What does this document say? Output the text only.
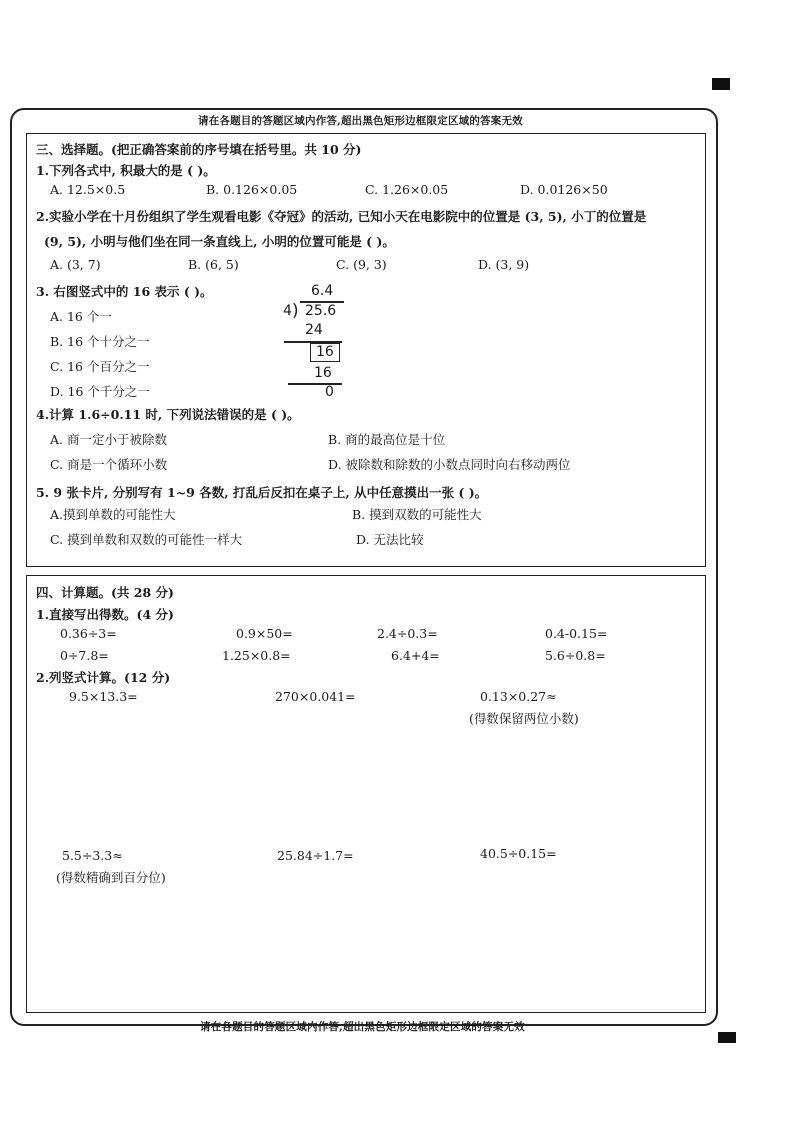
请在各题目的答题区域内作答,超出黑色矩形边框限定区域的答案无效
请在各题目的答题区域内作答,超出黑色矩形边框限定区域的答案无效
三、选择题。(把正确答案前的序号填在括号里。共 10 分)
1.下列各式中, 积最大的是 ( )。
A. 12.5×0.5	B. 0.126×0.05	C. 1.26×0.05	D. 0.0126×50
2.实验小学在十月份组织了学生观看电影《夺冠》的活动, 已知小天在电影院中的位置是 (3, 5), 小丁的位置是
(9, 5), 小明与他们坐在同一条直线上, 小明的位置可能是 ( )。
A. (3, 7)	B. (6, 5)	C. (9, 3)	D. (3, 9)
3. 右图竖式中的 16 表示 ( )。
A. 16 个一
B. 16 个十分之一
C. 16 个百分之一
D. 16 个千分之一
6.4
4 ) 25.6
24
16
16
0
4.计算 1.6÷0.11 时, 下列说法错误的是 ( )。
A. 商一定小于被除数	B. 商的最高位是十位
C. 商是一个循环小数	D. 被除数和除数的小数点同时向右移动两位
5. 9 张卡片, 分别写有 1~9 各数, 打乱后反扣在桌子上, 从中任意摸出一张 ( )。
A.摸到单数的可能性大	B. 摸到双数的可能性大
C. 摸到单数和双数的可能性一样大	D. 无法比较
四、计算题。(共 28 分)
1.直接写出得数。(4 分)
0.36÷3=	0.9×50=	2.4÷0.3=	0.4-0.15=
0÷7.8=	1.25×0.8=	6.4+4=	5.6÷0.8=
2.列竖式计算。(12 分)
9.5×13.3=	270×0.041=	0.13×0.27≈
(得数保留两位小数)
5.5÷3.3≈
(得数精确到百分位)
25.84÷1.7=	40.5÷0.15=
